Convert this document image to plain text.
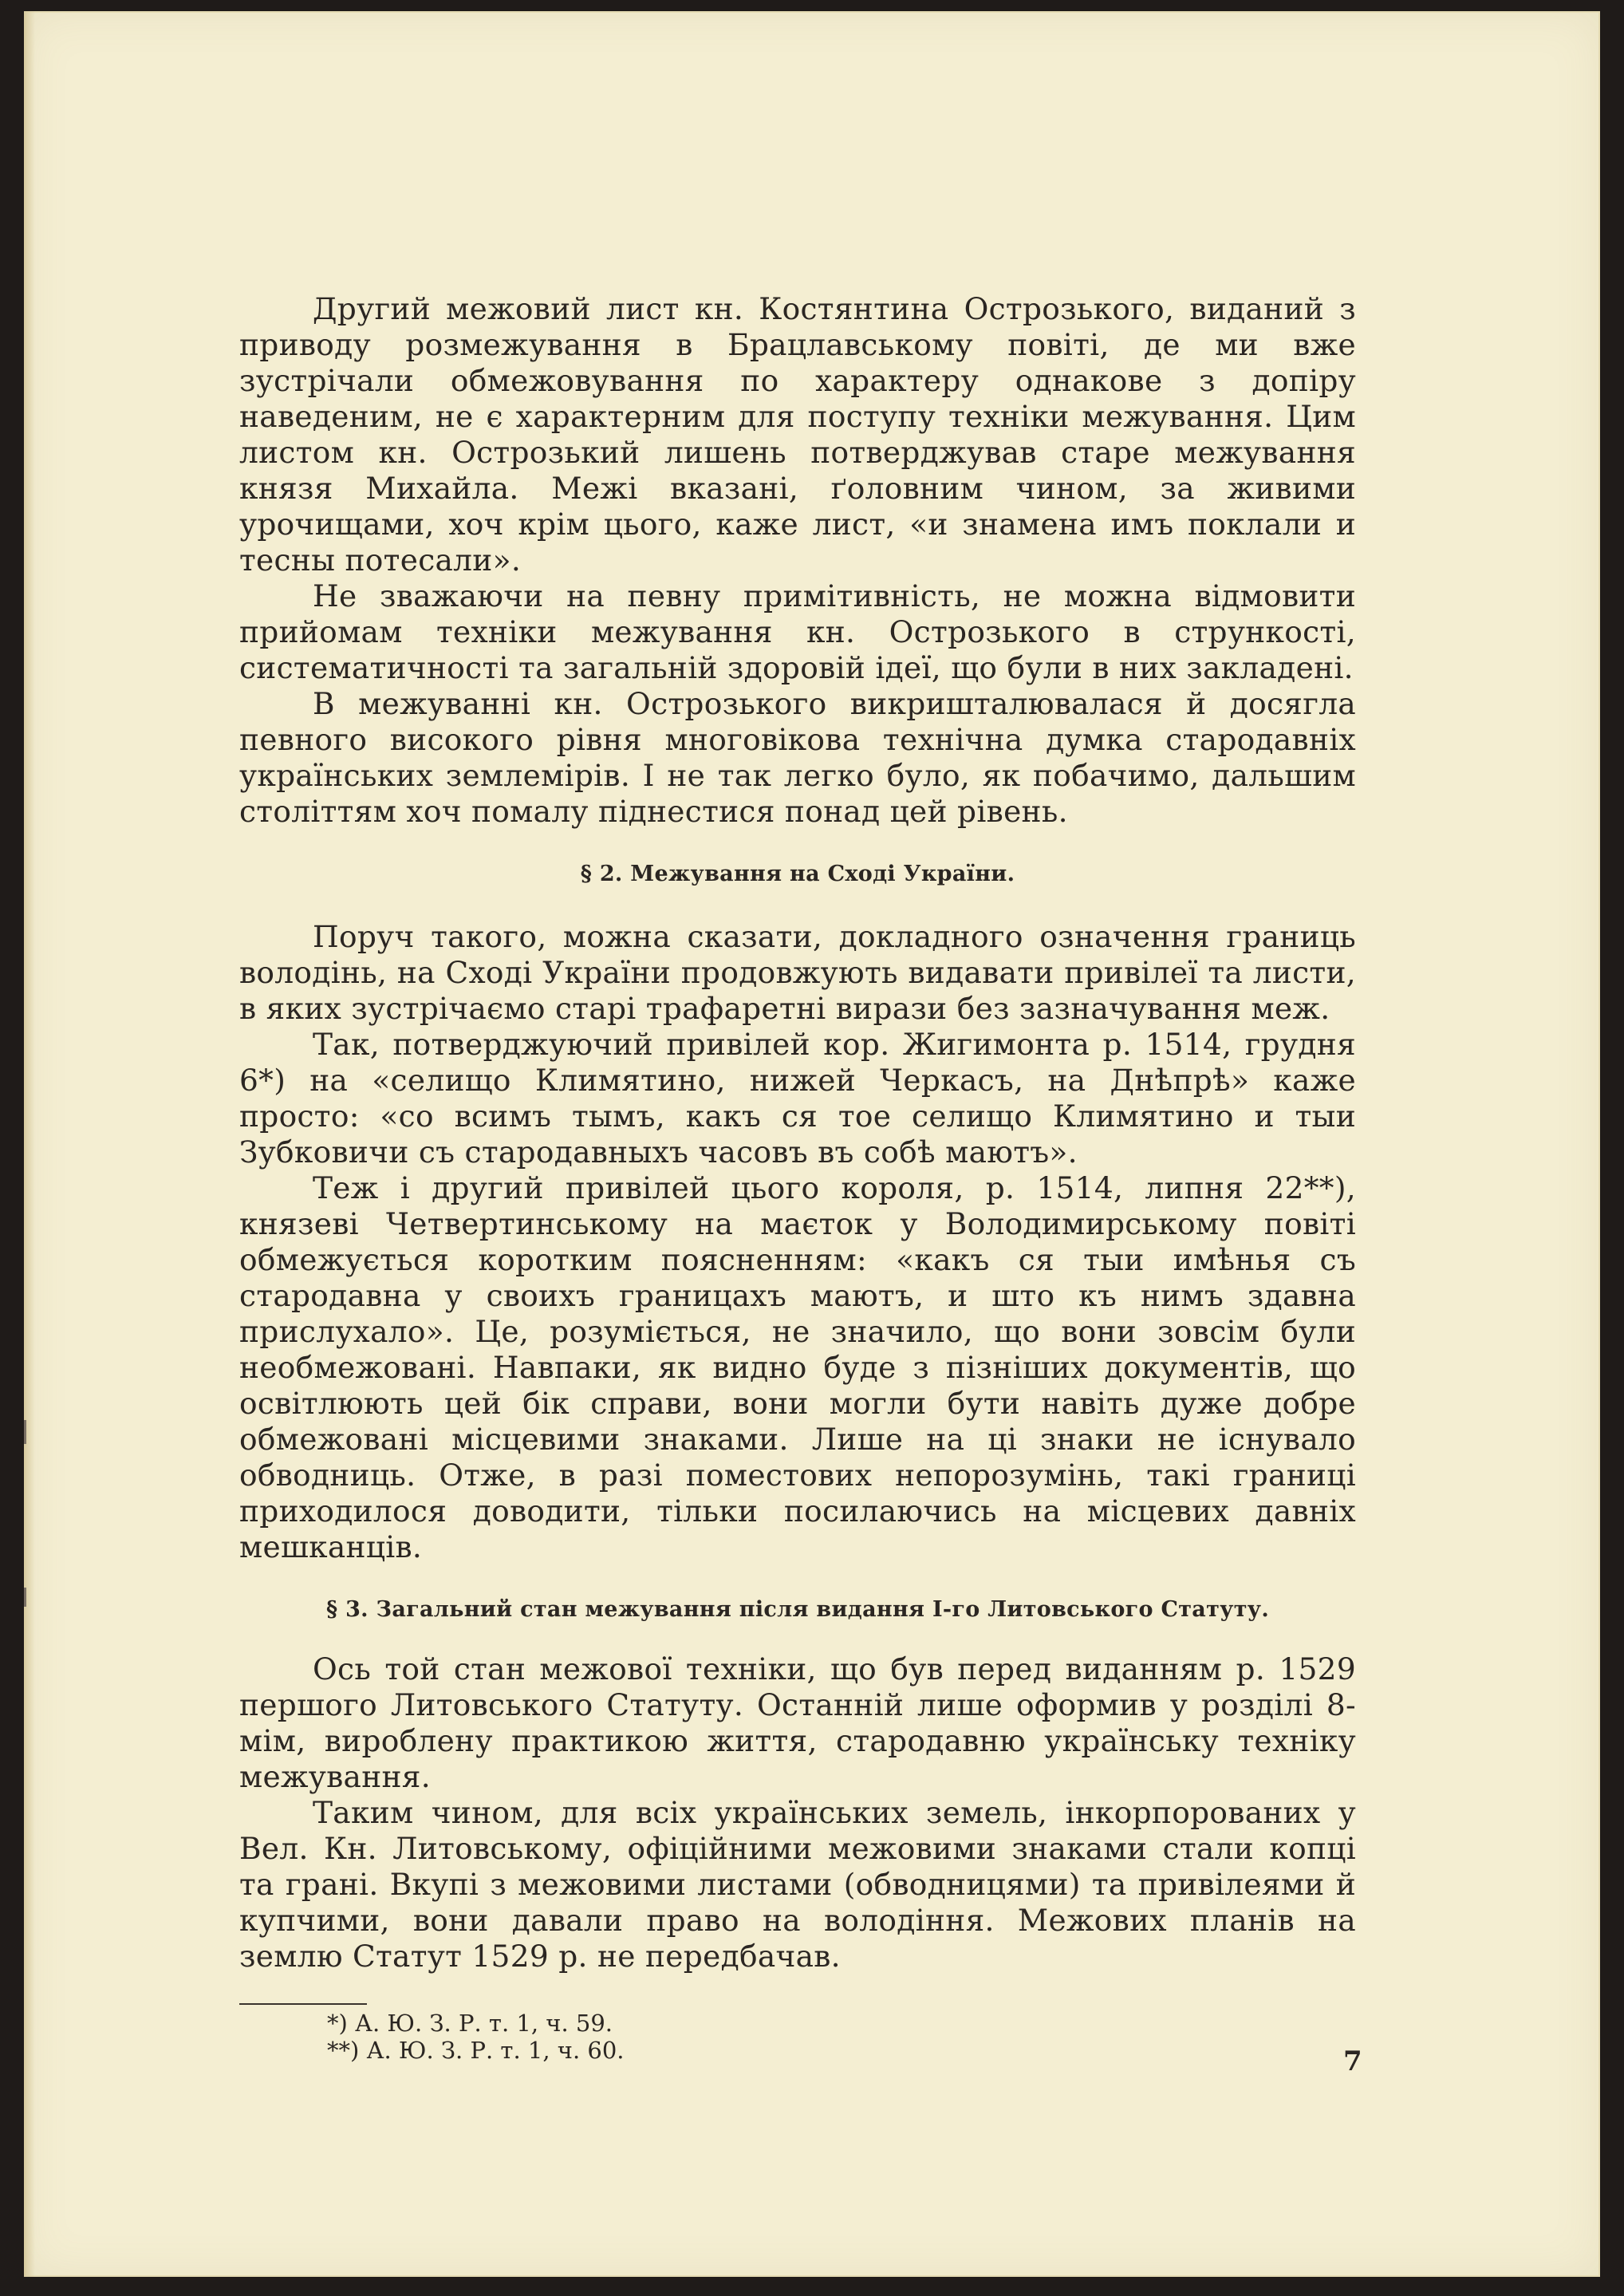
Другий межовий лист кн. Костянтина Острозького, виданий з приводу розмежування в Брацлавському повіті, де ми вже зустрічали обмежовування по характеру однакове з допіру наведеним, не є характерним для поступу техніки межування. Цим листом кн. Острозький лишень потверджував старе межування князя Михайла. Межі вказані, ґоловним чином, за живими урочищами, хоч крім цього, каже лист, «и знамена имъ поклали и тесны потесали».

Не зважаючи на певну примітивність, не можна відмовити прийомам техніки межування кн. Острозького в стрункості, систематичності та загальній здоровій ідеї, що були в них закладені.

В межуванні кн. Острозького викришталювалася й досягла певного високого рівня многовікова технічна думка стародавніх українських землемірів. І не так легко було, як побачимо, дальшим століттям хоч помалу піднестися понад цей рівень.

§ 2. Межування на Сході України.

Поруч такого, можна сказати, докладного означення границь володінь, на Сході України продовжують видавати привілеї та листи, в яких зустрічаємо старі трафаретні вирази без зазначування меж.

Так, потверджуючий привілей кор. Жигимонта р. 1514, грудня 6*) на «селищо Климятино, нижей Черкасъ, на Днѣпрѣ» каже просто: «со всимъ тымъ, какъ ся тое селищо Климятино и тыи Зубковичи съ стародавныхъ часовъ въ собѣ маютъ».

Теж і другий привілей цього короля, р. 1514, липня 22**), князеві Четвертинському на маєток у Володимирському повіті обмежується коротким поясненням: «какъ ся тыи имѣнья съ стародавна у своихъ границахъ маютъ, и што къ нимъ здавна прислухало». Це, розуміється, не значило, що вони зовсім були необмежовані. Навпаки, як видно буде з пізніших документів, що освітлюють цей бік справи, вони могли бути навіть дуже добре обмежовані місцевими знаками. Лише на ці знаки не існувало обводниць. Отже, в разі поместових непорозумінь, такі границі приходилося доводити, тільки посилаючись на місцевих давніх мешканців.

§ 3. Загальний стан межування після видання І-го Литовського Статуту.

Ось той стан межової техніки, що був перед виданням р. 1529 першого Литовського Статуту. Останній лише оформив у розділі 8-мім, вироблену практикою життя, стародавню українську техніку межування.

Таким чином, для всіх українських земель, інкорпорованих у Вел. Кн. Литовському, офіційними межовими знаками стали копці та грані. Вкупі з межовими листами (обводницями) та привілеями й купчими, вони давали право на володіння. Межових планів на землю Статут 1529 р. не передбачав.

*) А. Ю. З. Р. т. 1, ч. 59.
**) А. Ю. З. Р. т. 1, ч. 60.	7
